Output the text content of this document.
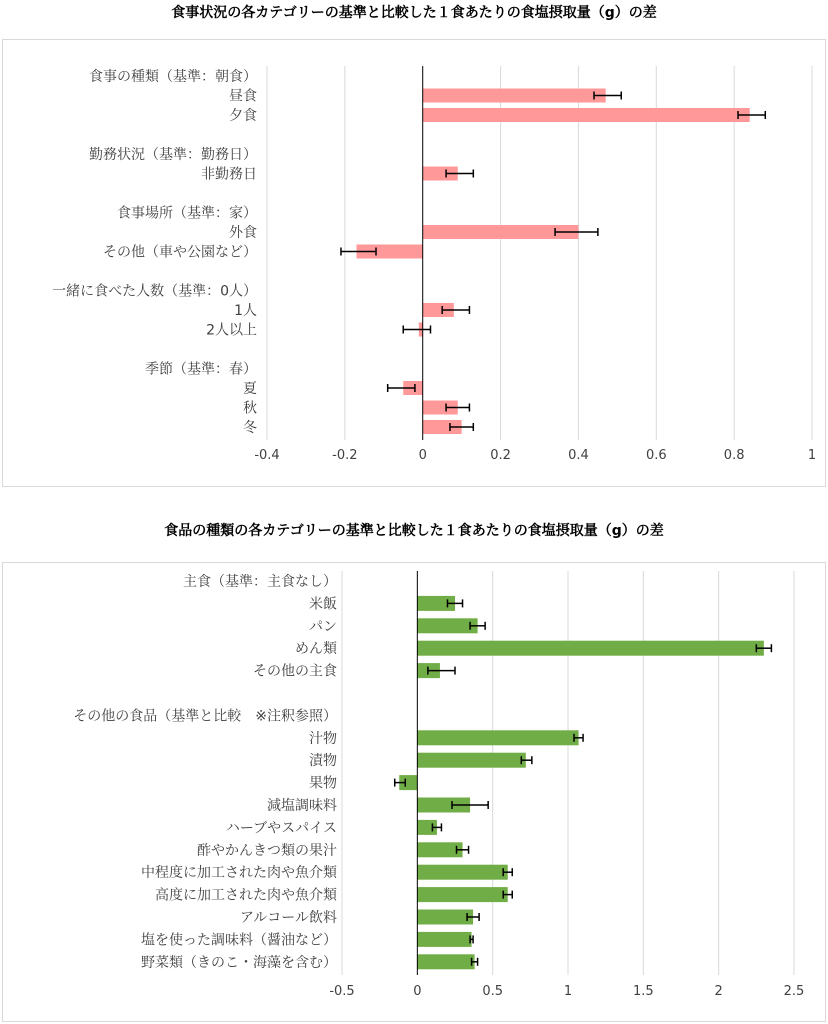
食事状況の各カテゴリーの基準と比較した１食あたりの食塩摂取量（g）の差
食事の種類（基準：朝食）
昼食
夕食
勤務状況（基準：勤務日）
非勤務日
食事場所（基準：家）
外食
その他（車や公園など）
一緒に食べた人数（基準：0人）
1人
2人以上
季節（基準：春）
夏
秋
冬
-0.4	-0.2	0	0.2	0.4	0.6	0.8	1
食品の種類の各カテゴリーの基準と比較した１食あたりの食塩摂取量（g）の差
主食（基準：主食なし）
米飯
パン
めん類
その他の主食
その他の食品（基準と比較　※注釈参照）
汁物
漬物
果物
減塩調味料
ハーブやスパイス
酢やかんきつ類の果汁
中程度に加工された肉や魚介類
高度に加工された肉や魚介類
アルコール飲料
塩を使った調味料（醤油など）
野菜類（きのこ・海藻を含む）
-0.5	0	0.5	1	1.5	2	2.5
